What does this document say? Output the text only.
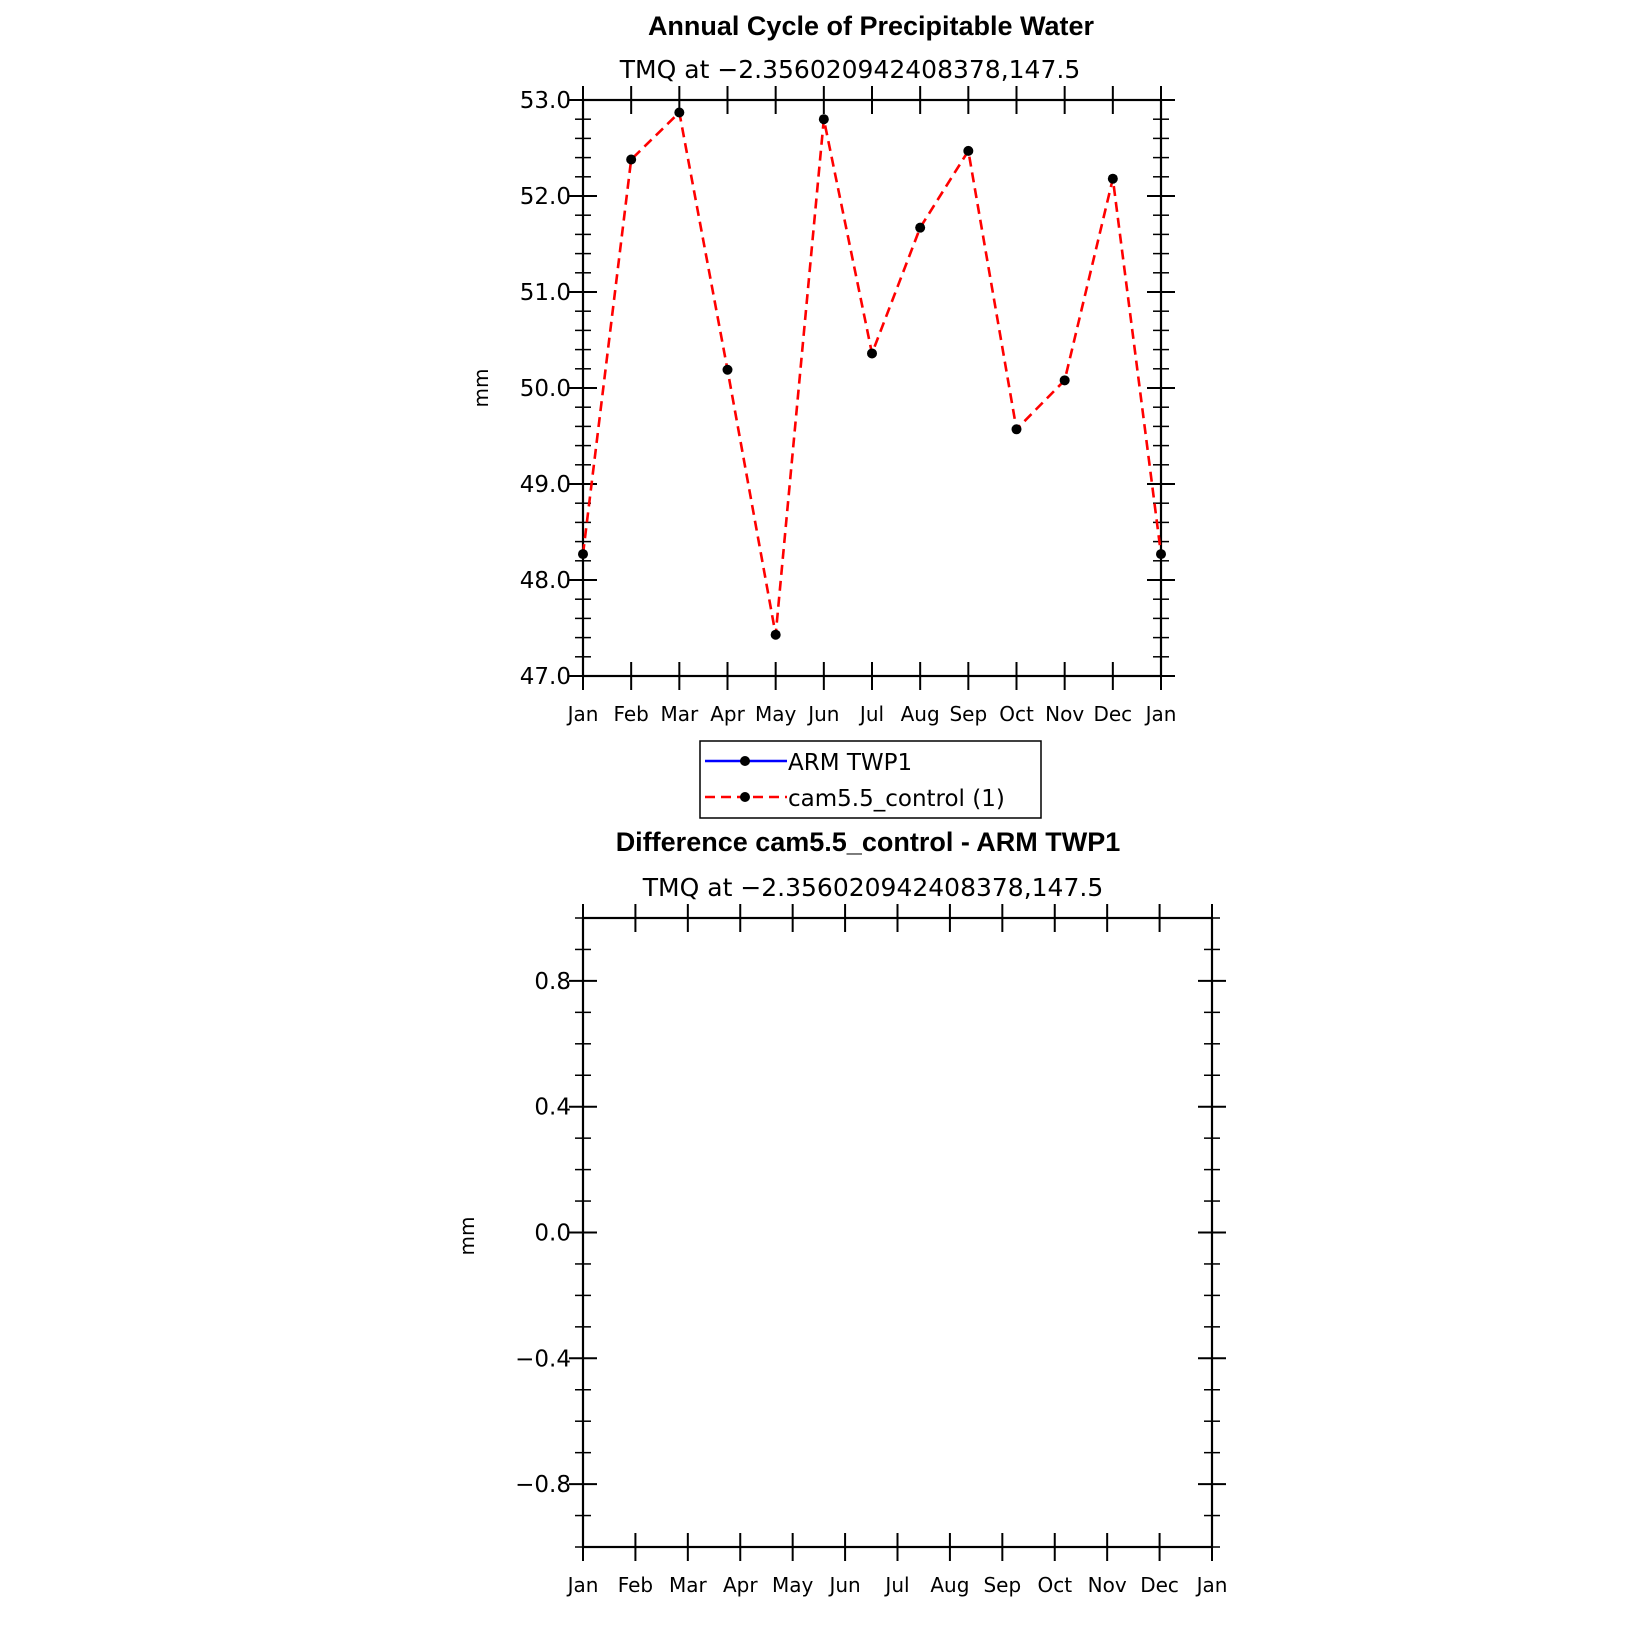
Annual Cycle of Precipitable Water
TMQ at −2.356020942408378,147.5
mm
47.0
48.0
49.0
50.0
51.0
52.0
53.0
Jan Feb Mar Apr May Jun Jul Aug Sep Oct Nov Dec Jan
ARM TWP1
cam5.5_control (1)
Difference cam5.5_control - ARM TWP1
TMQ at −2.356020942408378,147.5
mm
−0.8
−0.4
0.0
0.4
0.8
Jan Feb Mar Apr May Jun Jul Aug Sep Oct Nov Dec Jan
